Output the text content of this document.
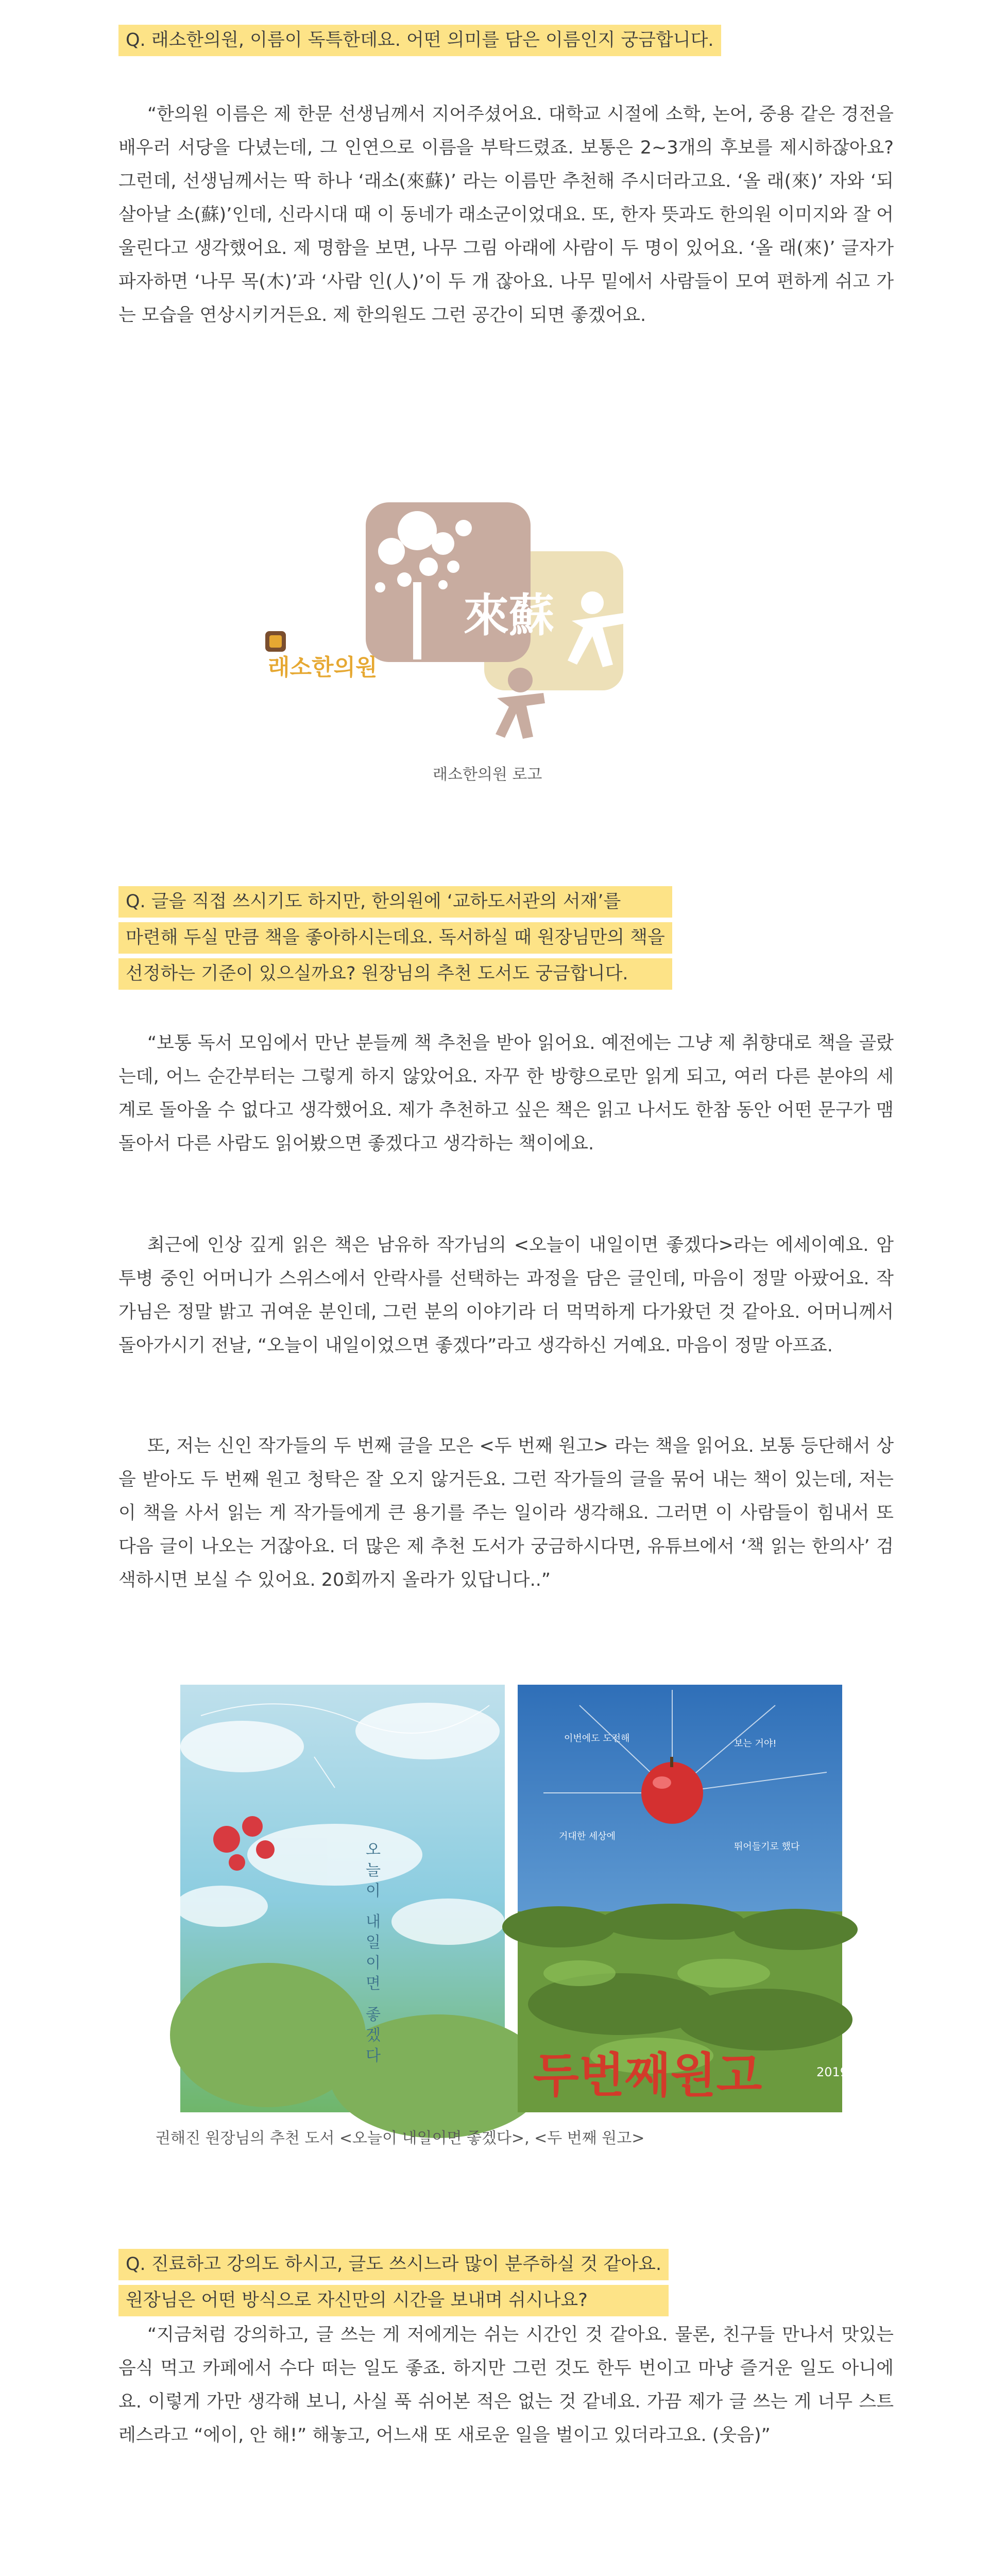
Q. 래소한의원, 이름이 독특한데요. 어떤 의미를 담은 이름인지 궁금합니다.

“한의원 이름은 제 한문 선생님께서 지어주셨어요. 대학교 시절에 소학, 논어, 중용 같은 경전을 배우러 서당을 다녔는데, 그 인연으로 이름을 부탁드렸죠. 보통은 2~3개의 후보를 제시하잖아요? 그런데, 선생님께서는 딱 하나 ‘래소(來蘇)’ 라는 이름만 추천해 주시더라고요. ‘올 래(來)’ 자와 ‘되살아날 소(蘇)’인데, 신라시대 때 이 동네가 래소군이었대요. 또, 한자 뜻과도 한의원 이미지와 잘 어울린다고 생각했어요. 제 명함을 보면, 나무 그림 아래에 사람이 두 명이 있어요. ‘올 래(來)’ 글자가 파자하면 ‘나무 목(木)’과 ‘사람 인(人)’이 두 개 잖아요. 나무 밑에서 사람들이 모여 편하게 쉬고 가는 모습을 연상시키거든요. 제 한의원도 그런 공간이 되면 좋겠어요.

來蘇
래소한의원
래소한의원 로고
Q. 글을 직접 쓰시기도 하지만, 한의원에 ‘교하도서관의 서재’를
마련해 두실 만큼 책을 좋아하시는데요. 독서하실 때 원장님만의 책을
선정하는 기준이 있으실까요? 원장님의 추천 도서도 궁금합니다.

“보통 독서 모임에서 만난 분들께 책 추천을 받아 읽어요. 예전에는 그냥 제 취향대로 책을 골랐는데, 어느 순간부터는 그렇게 하지 않았어요. 자꾸 한 방향으로만 읽게 되고, 여러 다른 분야의 세계로 돌아올 수 없다고 생각했어요. 제가 추천하고 싶은 책은 읽고 나서도 한참 동안 어떤 문구가 맴돌아서 다른 사람도 읽어봤으면 좋겠다고 생각하는 책이에요.

최근에 인상 깊게 읽은 책은 남유하 작가님의 <오늘이 내일이면 좋겠다>라는 에세이예요. 암 투병 중인 어머니가 스위스에서 안락사를 선택하는 과정을 담은 글인데, 마음이 정말 아팠어요. 작가님은 정말 밝고 귀여운 분인데, 그런 분의 이야기라 더 먹먹하게 다가왔던 것 같아요. 어머니께서 돌아가시기 전날, “오늘이 내일이었으면 좋겠다”라고 생각하신 거예요. 마음이 정말 아프죠.

또, 저는 신인 작가들의 두 번째 글을 모은 <두 번째 원고> 라는 책을 읽어요. 보통 등단해서 상을 받아도 두 번째 원고 청탁은 잘 오지 않거든요. 그런 작가들의 글을 묶어 내는 책이 있는데, 저는 이 책을 사서 읽는 게 작가들에게 큰 용기를 주는 일이라 생각해요. 그러면 이 사람들이 힘내서 또 다음 글이 나오는 거잖아요. 더 많은 제 추천 도서가 궁금하시다면, 유튜브에서 ‘책 읽는 한의사’ 검색하시면 보실 수 있어요. 20회까지 올라가 있답니다..”

오
늘
이
내
일
이
면
좋
겠
다
이번에도 도전해	보는 거야!
거대한 세상에
뛰어들기로 했다
두번째원고	2019
권해진 원장님의 추천 도서 <오늘이 내일이면 좋겠다>, <두 번째 원고>
Q. 진료하고 강의도 하시고, 글도 쓰시느라 많이 분주하실 것 같아요.
원장님은 어떤 방식으로 자신만의 시간을 보내며 쉬시나요?

“지금처럼 강의하고, 글 쓰는 게 저에게는 쉬는 시간인 것 같아요. 물론, 친구들 만나서 맛있는 음식 먹고 카페에서 수다 떠는 일도 좋죠. 하지만 그런 것도 한두 번이고 마냥 즐거운 일도 아니에요. 이렇게 가만 생각해 보니, 사실 푹 쉬어본 적은 없는 것 같네요. 가끔 제가 글 쓰는 게 너무 스트레스라고 “에이, 안 해!” 해놓고, 어느새 또 새로운 일을 벌이고 있더라고요. (웃음)”
